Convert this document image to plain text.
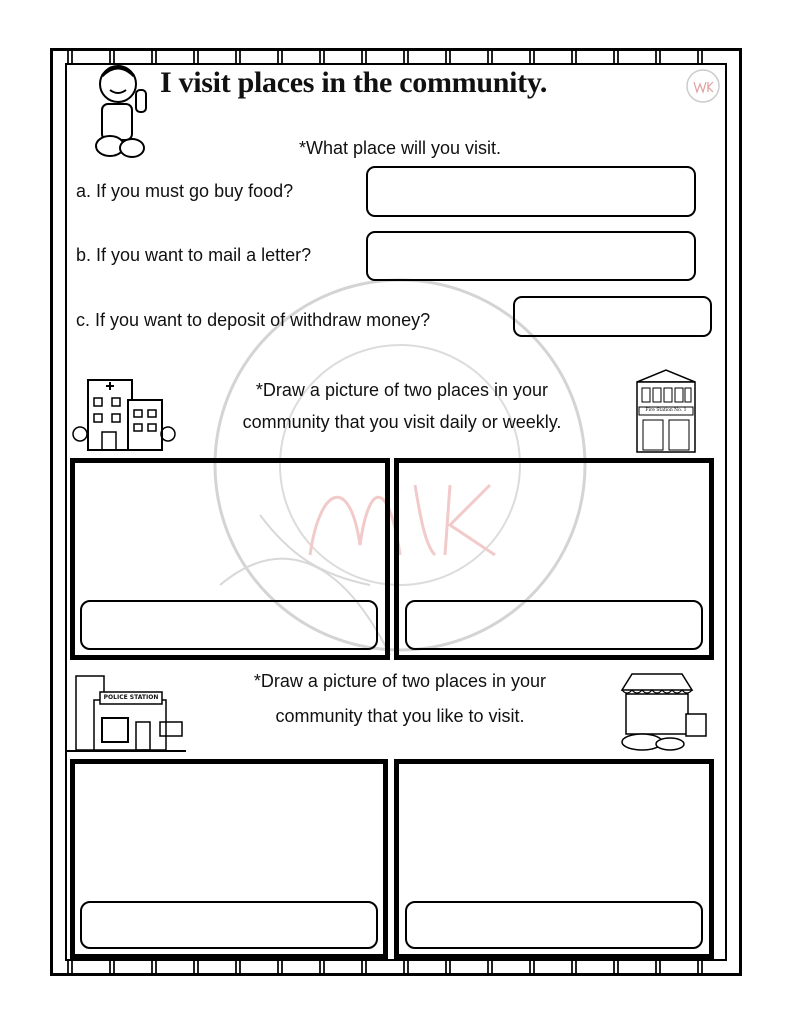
I visit places in the community.
*What place will you visit.
a. If you must go buy food?
b. If you want to mail a letter?
c. If you want to deposit of withdraw money?
*Draw a picture of two places in your
community that you visit daily or weekly.
Fire Station No. 1
POLICE STATION
*Draw a picture of two places in your
community that you like to visit.
